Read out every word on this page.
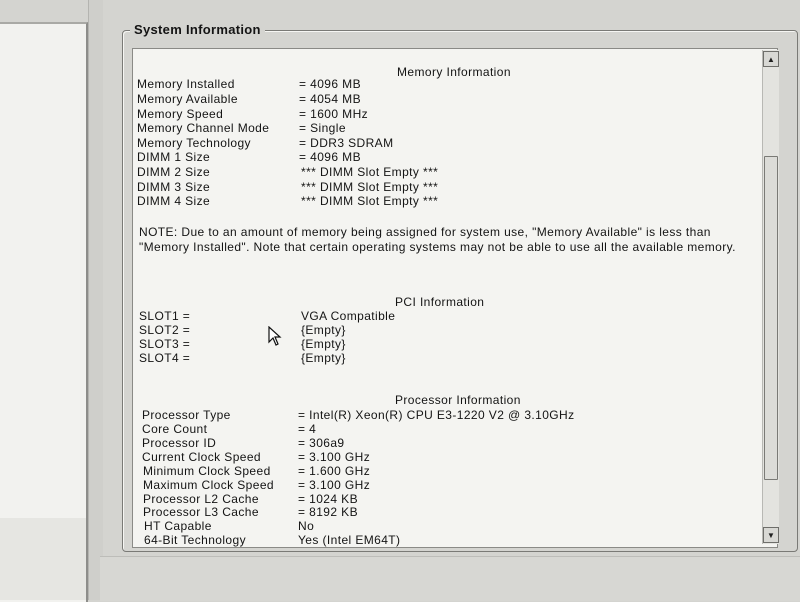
System Information
Memory Information
Memory Installed	= 4096 MB
Memory Available	= 4054 MB
Memory Speed	= 1600 MHz
Memory Channel Mode = Single
Memory Technology	= DDR3 SDRAM
DIMM 1 Size	= 4096 MB
DIMM 2 Size	*** DIMM Slot Empty ***
DIMM 3 Size	*** DIMM Slot Empty ***
DIMM 4 Size	*** DIMM Slot Empty ***
NOTE: Due to an amount of memory being assigned for system use, "Memory Available" is less than "Memory Installed". Note that certain operating systems may not be able to use all the available memory.
PCI Information
SLOT1 =	VGA Compatible
SLOT2 =	{Empty}
SLOT3 =	{Empty}
SLOT4 =	{Empty}
Processor Information
Processor Type	= Intel(R) Xeon(R) CPU E3-1220 V2 @ 3.10GHz
Core Count	= 4
Processor ID	= 306a9
Current Clock Speed	= 3.100 GHz
Minimum Clock Speed = 1.600 GHz
Maximum Clock Speed = 3.100 GHz
Processor L2 Cache	= 1024 KB
Processor L3 Cache	= 8192 KB
HT Capable	No
64-Bit Technology	Yes (Intel EM64T)
▲
▼
